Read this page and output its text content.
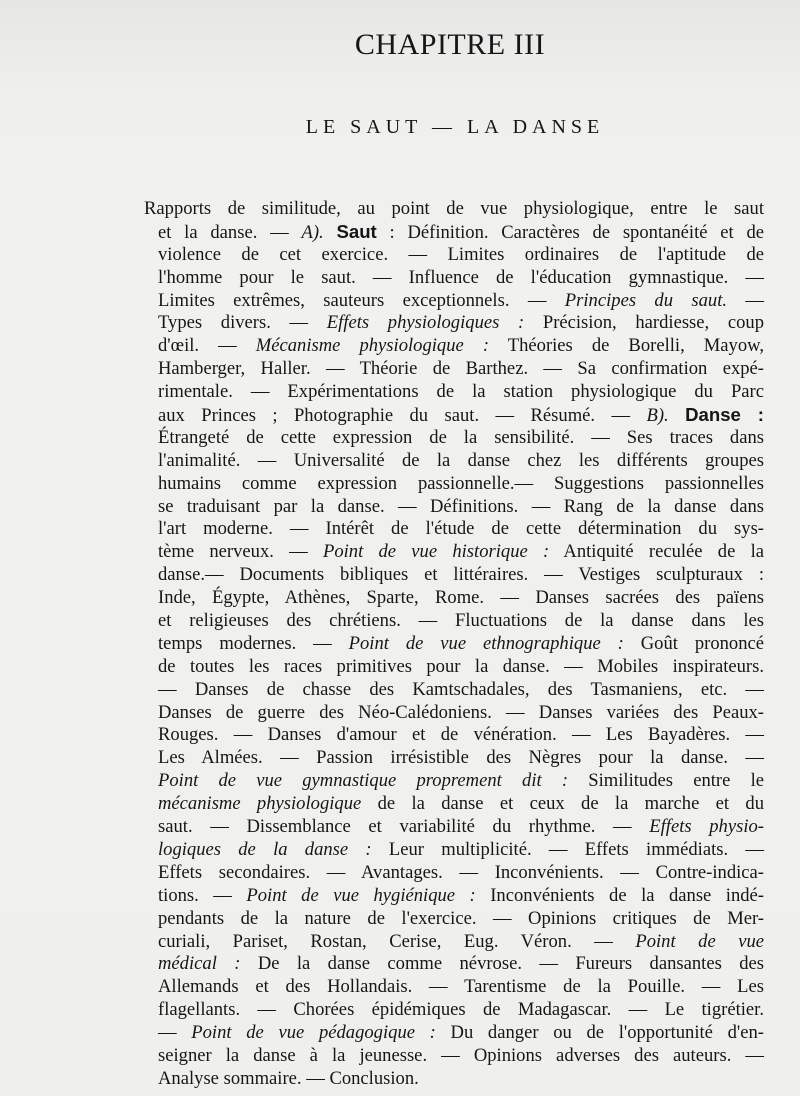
CHAPITRE III
LE SAUT — LA DANSE
Rapports de similitude, au point de vue physiologique, entre le saut
et la danse. — A). Saut : Définition. Caractères de spontanéité et de
violence de cet exercice. — Limites ordinaires de l'aptitude de
l'homme pour le saut. — Influence de l'éducation gymnastique. —
Limites extrêmes, sauteurs exceptionnels. — Principes du saut. —
Types divers. — Effets physiologiques : Précision, hardiesse, coup
d'œil. — Mécanisme physiologique : Théories de Borelli, Mayow,
Hamberger, Haller. — Théorie de Barthez. — Sa confirmation expé-
rimentale. — Expérimentations de la station physiologique du Parc
aux Princes ; Photographie du saut. — Résumé. — B). Danse :
Étrangeté de cette expression de la sensibilité. — Ses traces dans
l'animalité. — Universalité de la danse chez les différents groupes
humains comme expression passionnelle.— Suggestions passionnelles
se traduisant par la danse. — Définitions. — Rang de la danse dans
l'art moderne. — Intérêt de l'étude de cette détermination du sys-
tème nerveux. — Point de vue historique : Antiquité reculée de la
danse.— Documents bibliques et littéraires. — Vestiges sculpturaux :
Inde, Égypte, Athènes, Sparte, Rome. — Danses sacrées des païens
et religieuses des chrétiens. — Fluctuations de la danse dans les
temps modernes. — Point de vue ethnographique : Goût prononcé
de toutes les races primitives pour la danse. — Mobiles inspirateurs.
— Danses de chasse des Kamtschadales, des Tasmaniens, etc. —
Danses de guerre des Néo-Calédoniens. — Danses variées des Peaux-
Rouges. — Danses d'amour et de vénération. — Les Bayadères. —
Les Almées. — Passion irrésistible des Nègres pour la danse. —
Point de vue gymnastique proprement dit : Similitudes entre le
mécanisme physiologique de la danse et ceux de la marche et du
saut. — Dissemblance et variabilité du rhythme. — Effets physio-
logiques de la danse : Leur multiplicité. — Effets immédiats. —
Effets secondaires. — Avantages. — Inconvénients. — Contre-indica-
tions. — Point de vue hygiénique : Inconvénients de la danse indé-
pendants de la nature de l'exercice. — Opinions critiques de Mer-
curiali, Pariset, Rostan, Cerise, Eug. Véron. — Point de vue
médical : De la danse comme névrose. — Fureurs dansantes des
Allemands et des Hollandais. — Tarentisme de la Pouille. — Les
flagellants. — Chorées épidémiques de Madagascar. — Le tigrétier.
— Point de vue pédagogique : Du danger ou de l'opportunité d'en-
seigner la danse à la jeunesse. — Opinions adverses des auteurs. —
Analyse sommaire. — Conclusion.
